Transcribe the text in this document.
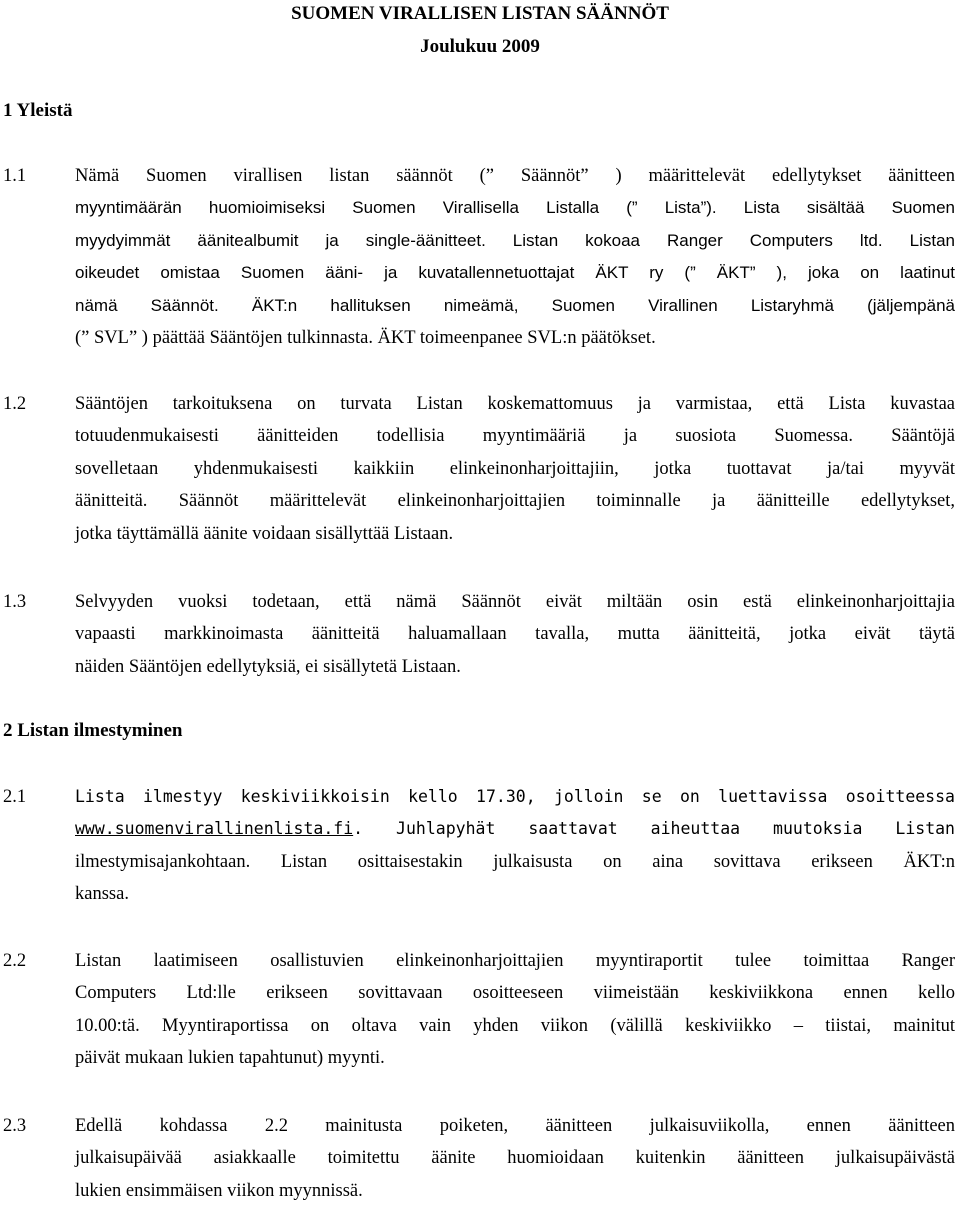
SUOMEN VIRALLISEN LISTAN SÄÄNNÖT
Joulukuu 2009
1 Yleistä
1.1	Nämä Suomen virallisen listan säännöt (” Säännöt” ) määrittelevät edellytykset äänitteen
myyntimäärän huomioimiseksi Suomen Virallisella Listalla (” Lista”). Lista sisältää Suomen
myydyimmät äänitealbumit ja single-äänitteet. Listan kokoaa Ranger Computers ltd. Listan
oikeudet omistaa Suomen ääni- ja kuvatallennetuottajat ÄKT ry (” ÄKT” ), joka on laatinut
nämä Säännöt. ÄKT:n hallituksen nimeämä, Suomen Virallinen Listaryhmä (jäljempänä
(” SVL” ) päättää Sääntöjen tulkinnasta. ÄKT toimeenpanee SVL:n päätökset.
1.2	Sääntöjen tarkoituksena on turvata Listan koskemattomuus ja varmistaa, että Lista kuvastaa
totuudenmukaisesti äänitteiden todellisia myyntimääriä ja suosiota Suomessa. Sääntöjä
sovelletaan yhdenmukaisesti kaikkiin elinkeinonharjoittajiin, jotka tuottavat ja/tai myyvät
äänitteitä. Säännöt määrittelevät elinkeinonharjoittajien toiminnalle ja äänitteille edellytykset,
jotka täyttämällä äänite voidaan sisällyttää Listaan.
1.3	Selvyyden vuoksi todetaan, että nämä Säännöt eivät miltään osin estä elinkeinonharjoittajia
vapaasti markkinoimasta äänitteitä haluamallaan tavalla, mutta äänitteitä, jotka eivät täytä
näiden Sääntöjen edellytyksiä, ei sisällytetä Listaan.
2 Listan ilmestyminen
2.1	Lista ilmestyy keskiviikkoisin kello 17.30, jolloin se on luettavissa osoitteessa
www.suomenvirallinenlista.fi. Juhlapyhät saattavat aiheuttaa muutoksia Listan
ilmestymisajankohtaan. Listan osittaisestakin julkaisusta on aina sovittava erikseen ÄKT:n
kanssa.
2.2	Listan laatimiseen osallistuvien elinkeinonharjoittajien myyntiraportit tulee toimittaa Ranger
Computers Ltd:lle erikseen sovittavaan osoitteeseen viimeistään keskiviikkona ennen kello
10.00:tä. Myyntiraportissa on oltava vain yhden viikon (välillä keskiviikko – tiistai, mainitut
päivät mukaan lukien tapahtunut) myynti.
2.3	Edellä kohdassa 2.2 mainitusta poiketen, äänitteen julkaisuviikolla, ennen äänitteen
julkaisupäivää asiakkaalle toimitettu äänite huomioidaan kuitenkin äänitteen julkaisupäivästä
lukien ensimmäisen viikon myynnissä.
